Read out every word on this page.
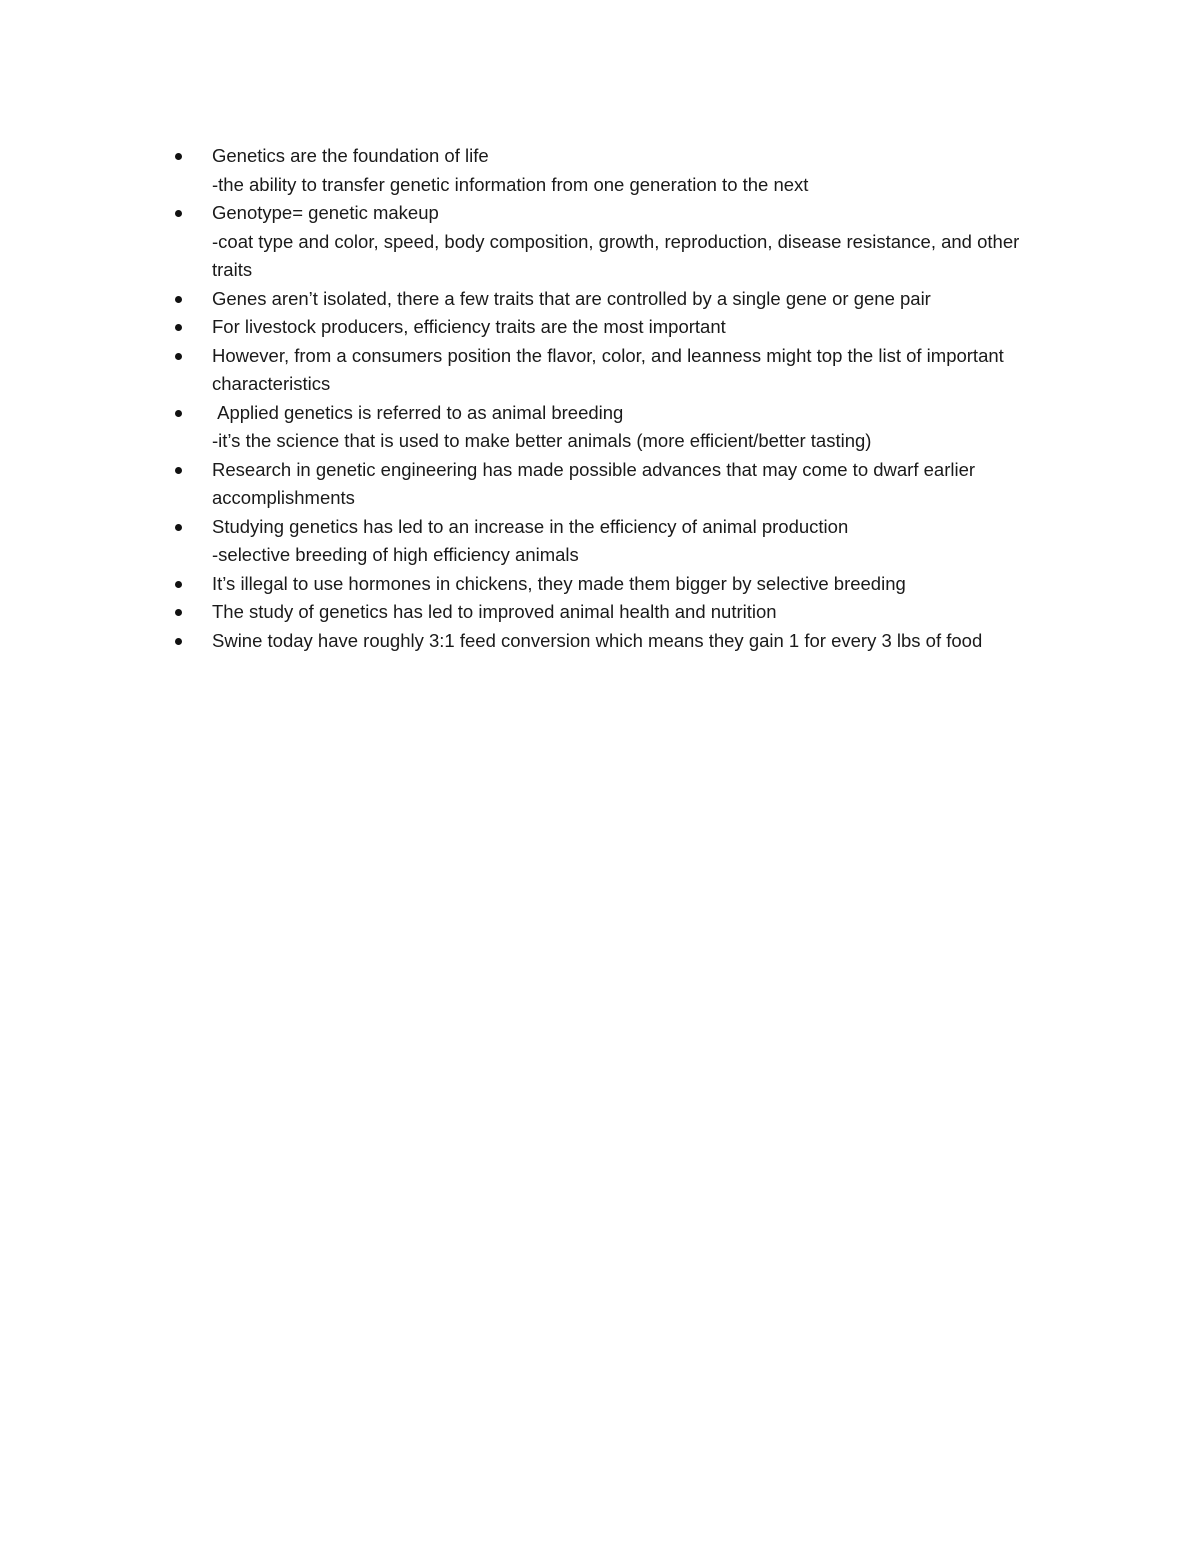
Genetics are the foundation of life
-the ability to transfer genetic information from one generation to the next
Genotype= genetic makeup
-coat type and color, speed, body composition, growth, reproduction, disease resistance, and other traits
Genes aren’t isolated, there a few traits that are controlled by a single gene or gene pair
For livestock producers, efficiency traits are the most important
However, from a consumers position the flavor, color, and leanness might top the list of important characteristics
Applied genetics is referred to as animal breeding
-it’s the science that is used to make better animals (more efficient/better tasting)
Research in genetic engineering has made possible advances that may come to dwarf earlier accomplishments
Studying genetics has led to an increase in the efficiency of animal production
-selective breeding of high efficiency animals
It’s illegal to use hormones in chickens, they made them bigger by selective breeding
The study of genetics has led to improved animal health and nutrition
Swine today have roughly 3:1 feed conversion which means they gain 1 for every 3 lbs of food
